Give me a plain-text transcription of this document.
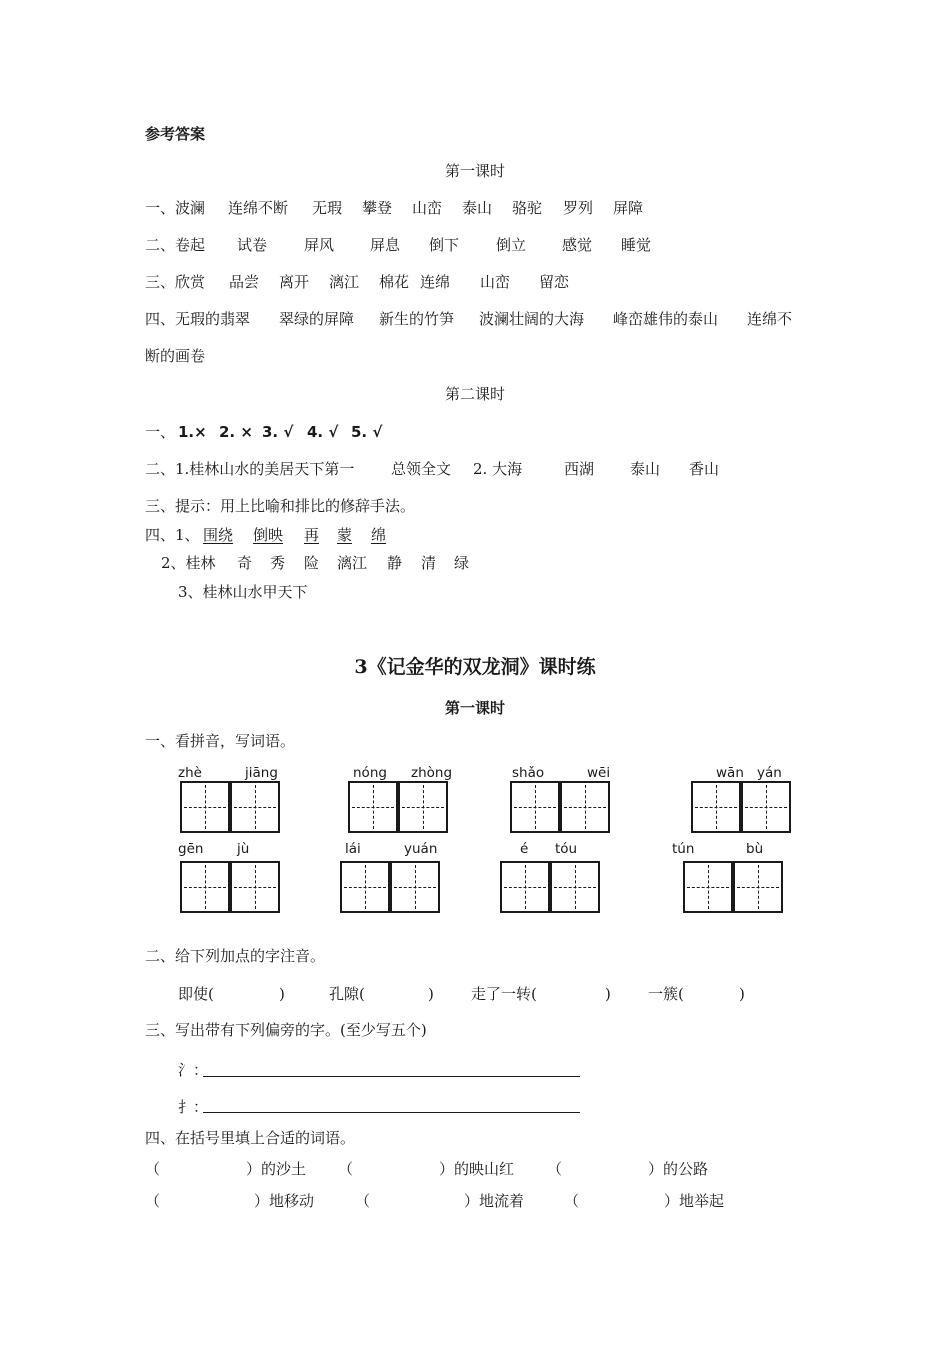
参考答案
第一课时
一、波澜 连绵不断 无瑕 攀登 山峦 泰山 骆驼 罗列 屏障
二、卷起 试卷 屏风 屏息 倒下 倒立 感觉 睡觉
三、欣赏 品尝 离开 漓江 棉花 连绵 山峦 留恋
四、无瑕的翡翠 翠绿的屏障 新生的竹笋 波澜壮阔的大海 峰峦雄伟的泰山 连绵不
断的画卷
第二课时
一、 1.× 2. × 3. √ 4. √ 5. √
二、1.桂林山水的美居天下第一 总领全文 2. 大海	西湖 泰山 香山
三、提示：用上比喻和排比的修辞手法。
四、1、 围绕 倒映 再 蒙 绵
2、桂林 奇 秀 险 漓江 静 清 绿
3、桂林山水甲天下
3《记金华的双龙洞》课时练
第一课时
一、看拼音，写词语。
zhè	jiāng	nóng zhòng	shǎo	wēi	wān yán
gēn jù	lái	yuán	é tóu	tún	bù
二、给下列加点的字注音。
即使(	)	孔隙(	) 走了一转(	) 一簇(	)
三、写出带有下列偏旁的字。(至少写五个)
氵：
扌：
四、在括号里填上合适的词语。
（	）的沙土 （	）的映山红 （	）的公路
（	）地移动	（	）地流着	（	）地举起
